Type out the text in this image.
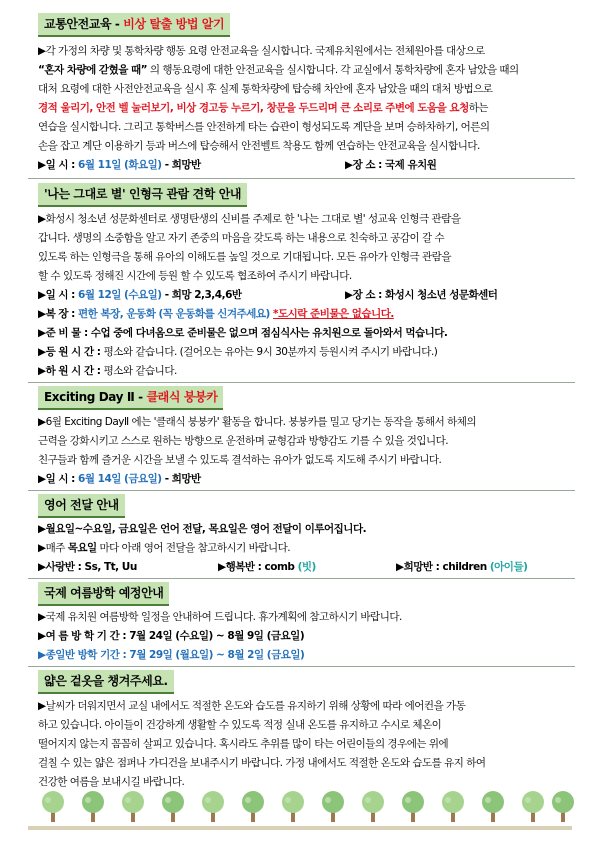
교통안전교육 - 비상 탈출 방법 알기
▶각 가정의 차량 및 통학차량 행동 요령 안전교육을 실시합니다. 국제유치원에서는 전체원아를 대상으로
“혼자 차량에 갇혔을 때” 의 행동요령에 대한 안전교육을 실시합니다. 각 교실에서 통학차량에 혼자 남았을 때의
대처 요령에 대한 사전안전교육을 실시 후 실제 통학차량에 탑승해 차안에 혼자 남았을 때의 대처 방법으로
경적 울리기, 안전 벨 눌러보기, 비상 경고등 누르기, 창문을 두드리며 큰 소리로 주변에 도움을 요청하는
연습을 실시합니다. 그리고 통학버스를 안전하게 타는 습관이 형성되도록 계단을 보며 승하차하기, 어른의
손을 잡고 계단 이용하기 등과 버스에 탑승해서 안전벨트 착용도 함께 연습하는 안전교육을 실시합니다.
▶일 시 : 6월 11일 (화요일) - 희망반	▶장 소 : 국제 유치원
'나는 그대로 별' 인형극 관람 견학 안내
▶화성시 청소년 성문화센터로 생명탄생의 신비를 주제로 한 '나는 그대로 별' 성교육 인형극 관람을
갑니다. 생명의 소중함을 알고 자기 존중의 마음을 갖도록 하는 내용으로 친숙하고 공감이 갈 수
있도록 하는 인형극을 통해 유아의 이해도를 높일 것으로 기대됩니다. 모든 유아가 인형극 관람을
할 수 있도록 정해진 시간에 등원 할 수 있도록 협조하여 주시기 바랍니다.
▶일 시 : 6월 12일 (수요일) - 희망 2,3,4,6반	▶장 소 : 화성시 청소년 성문화센터
▶복 장 : 편한 복장, 운동화 (꼭 운동화를 신겨주세요) *도시락 준비물은 없습니다.
▶준 비 물 : 수업 중에 다녀옴으로 준비물은 없으며 점심식사는 유치원으로 돌아와서 먹습니다.
▶등 원 시 간 : 평소와 같습니다. (걸어오는 유아는 9시 30분까지 등원시켜 주시기 바랍니다.)
▶하 원 시 간 : 평소와 같습니다.
Exciting Day Ⅱ - 클래식 붕붕카
▶6월 Exciting DayⅡ 에는 '클래식 붕붕카' 활동을 합니다. 붕붕카를 밀고 당기는 동작을 통해서 하체의
근력을 강화시키고 스스로 원하는 방향으로 운전하며 균형감과 방향감도 기를 수 있을 것입니다.
친구들과 함께 즐거운 시간을 보낼 수 있도록 결석하는 유아가 없도록 지도해 주시기 바랍니다.
▶일 시 : 6월 14일 (금요일) - 희망반
영어 전달 안내
▶월요일~수요일, 금요일은 언어 전달, 목요일은 영어 전달이 이루어집니다.
▶매주 목요일 마다 아래 영어 전달을 참고하시기 바랍니다.
▶사랑반 : Ss, Tt, Uu	▶행복반 : comb (빗)	▶희망반 : children (아이들)
국제 여름방학 예정안내
▶국제 유치원 여름방학 일정을 안내하여 드립니다. 휴가계획에 참고하시기 바랍니다.
▶여 름 방 학 기 간 : 7월 24일 (수요일) ~ 8월 9일 (금요일)
▶종일반 방학 기간 : 7월 29일 (월요일) ~ 8월 2일 (금요일)
얇은 겉옷을 챙겨주세요.
▶날씨가 더워지면서 교실 내에서도 적절한 온도와 습도를 유지하기 위해 상황에 따라 에어컨을 가동
하고 있습니다. 아이들이 건강하게 생활할 수 있도록 적정 실내 온도를 유지하고 수시로 체온이
떨어지지 않는지 꼼꼼히 살피고 있습니다. 혹시라도 추위를 많이 타는 어린이들의 경우에는 위에
걸칠 수 있는 얇은 점퍼나 가디건을 보내주시기 바랍니다. 가정 내에서도 적절한 온도와 습도를 유지 하여
건강한 여름을 보내시길 바랍니다.
